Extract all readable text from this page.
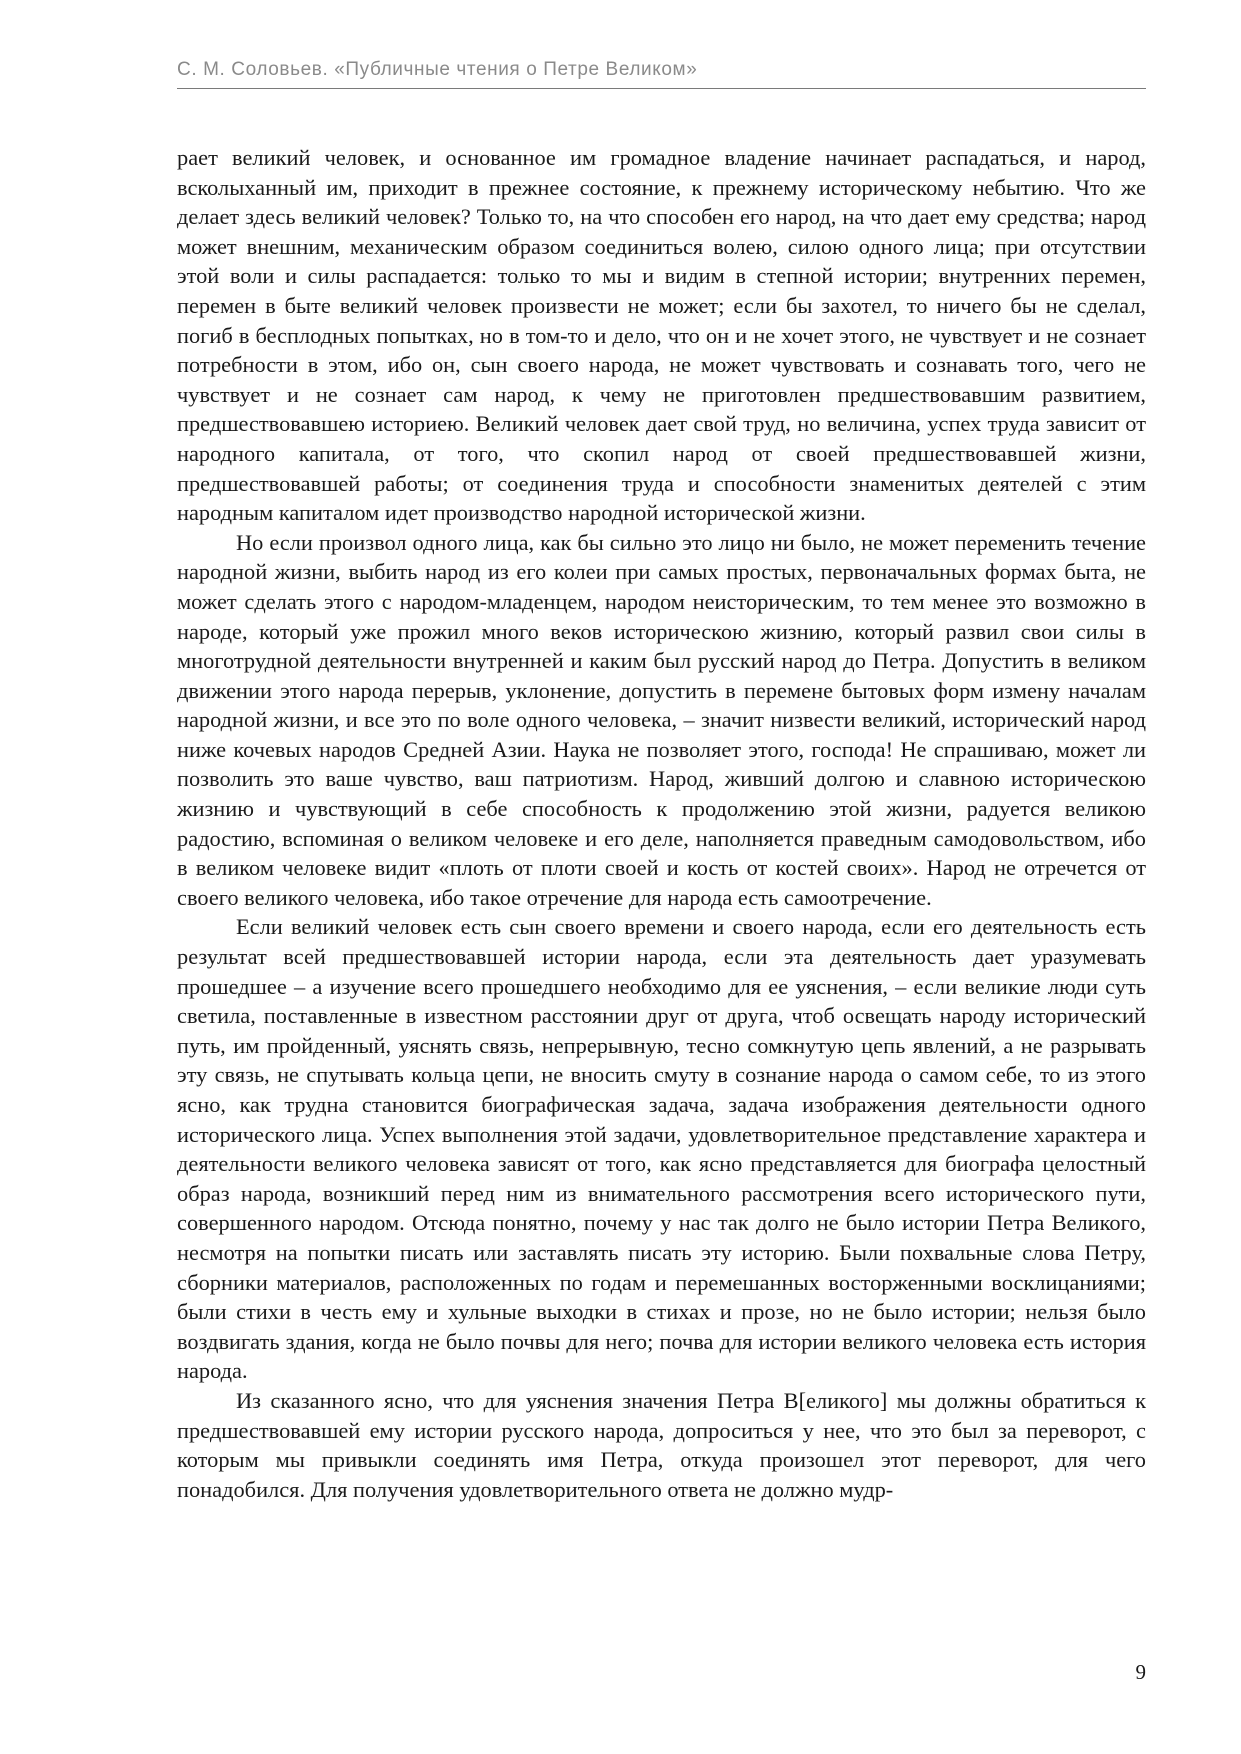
С. М. Соловьев. «Публичные чтения о Петре Великом»

рает великий человек, и основанное им громадное владение начинает распадаться, и народ, всколыханный им, приходит в прежнее состояние, к прежнему историческому небытию. Что же делает здесь великий человек? Только то, на что способен его народ, на что дает ему средства; народ может внешним, механическим образом соединиться волею, силою одного лица; при отсутствии этой воли и силы распадается: только то мы и видим в степной истории; внутренних перемен, перемен в быте великий человек произвести не может; если бы захотел, то ничего бы не сделал, погиб в бесплодных попытках, но в том-то и дело, что он и не хочет этого, не чувствует и не сознает потребности в этом, ибо он, сын своего народа, не может чувствовать и сознавать того, чего не чувствует и не сознает сам народ, к чему не приготовлен предшествовавшим развитием, предшествовавшею историею. Великий человек дает свой труд, но величина, успех труда зависит от народного капитала, от того, что скопил народ от своей предшествовавшей жизни, предшествовавшей работы; от соединения труда и способности знаменитых деятелей с этим народным капиталом идет производство народной исторической жизни.

Но если произвол одного лица, как бы сильно это лицо ни было, не может переменить течение народной жизни, выбить народ из его колеи при самых простых, первоначальных формах быта, не может сделать этого с народом-младенцем, народом неисторическим, то тем менее это возможно в народе, который уже прожил много веков историческою жизнию, который развил свои силы в многотрудной деятельности внутренней и каким был русский народ до Петра. Допустить в великом движении этого народа перерыв, уклонение, допустить в перемене бытовых форм измену началам народной жизни, и все это по воле одного человека, – значит низвести великий, исторический народ ниже кочевых народов Средней Азии. Наука не позволяет этого, господа! Не спрашиваю, может ли позволить это ваше чувство, ваш патриотизм. Народ, живший долгою и славною историческою жизнию и чувствующий в себе способность к продолжению этой жизни, радуется великою радостию, вспоминая о великом человеке и его деле, наполняется праведным самодовольством, ибо в великом человеке видит «плоть от плоти своей и кость от костей своих». Народ не отречется от своего великого человека, ибо такое отречение для народа есть самоотречение.

Если великий человек есть сын своего времени и своего народа, если его деятельность есть результат всей предшествовавшей истории народа, если эта деятельность дает уразумевать прошедшее – а изучение всего прошедшего необходимо для ее уяснения, – если великие люди суть светила, поставленные в известном расстоянии друг от друга, чтоб освещать народу исторический путь, им пройденный, уяснять связь, непрерывную, тесно сомкнутую цепь явлений, а не разрывать эту связь, не спутывать кольца цепи, не вносить смуту в сознание народа о самом себе, то из этого ясно, как трудна становится биографическая задача, задача изображения деятельности одного исторического лица. Успех выполнения этой задачи, удовлетворительное представление характера и деятельности великого человека зависят от того, как ясно представляется для биографа целостный образ народа, возникший перед ним из внимательного рассмотрения всего исторического пути, совершенного народом. Отсюда понятно, почему у нас так долго не было истории Петра Великого, несмотря на попытки писать или заставлять писать эту историю. Были похвальные слова Петру, сборники материалов, расположенных по годам и перемешанных восторженными восклицаниями; были стихи в честь ему и хульные выходки в стихах и прозе, но не было истории; нельзя было воздвигать здания, когда не было почвы для него; почва для истории великого человека есть история народа.

Из сказанного ясно, что для уяснения значения Петра В[еликого] мы должны обратиться к предшествовавшей ему истории русского народа, допроситься у нее, что это был за переворот, с которым мы привыкли соединять имя Петра, откуда произошел этот переворот, для чего понадобился. Для получения удовлетворительного ответа не должно мудр-

9
